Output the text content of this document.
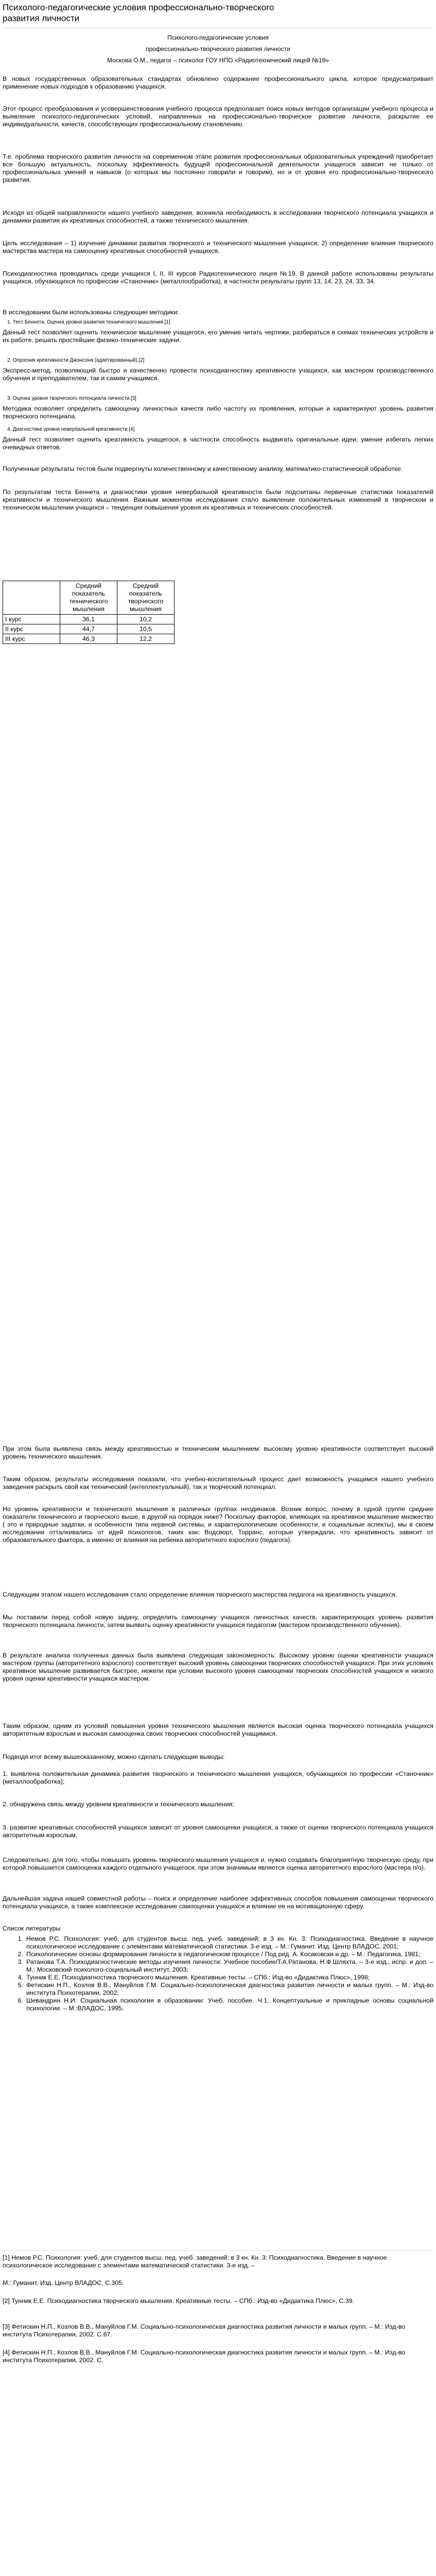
Психолого-педагогические условия профессионально-творческого развития личности
Психолого-педагогические условия
профессионально-творческого развития личности
Москова О.М., педагог – психолог ГОУ НПО «Радиотехнический лицей №19»

В новых государственных образовательных стандартах обновлено содержание профессионального цикла, которое предусматривает применение новых подходов к образованию учащихся.

Этот процесс преобразования и усовершенствования учебного процесса предполагает поиск новых методов организации учебного процесса и выявление психолого-педагогических условий, направленных на профессионально-творческое развитие личности, раскрытие ее индивидуальности, качеств, способствующих профессиональному становлению.

Т.е. проблема творческого развития личности на современном этапе развития профессиональных образовательных учреждений приобретает все большую актуальность, поскольку эффективность будущей профессиональной деятельности учащегося зависит не только от профессиональных умений и навыков (о которых мы постоянно говорили и говорим), но и от уровня его профессионально-творческого развития.

Исходя из общей направленности нашего учебного заведения, возникла необходимость в исследовании творческого потенциала учащихся и динамики развития их креативных способностей, а также технического мышления.

Цель исследования – 1) изучение динамики развития творческого и технического мышления учащихся; 2) определение влияния творческого мастерства мастера на самооценку креативных способностей учащихся.

Психодиагностика проводилась среди учащихся I, II, III курсов Радиотехнического лицея №19. В данной работе использованы результаты учащихся, обучающихся по профессии «Станочник» (металлообработка), в частности результаты групп 13, 14, 23, 24, 33, 34.

В исследовании были использованы следующие методики:

1. Тест Беннета. Оценка уровня развития технического мышления.[1]

Данный тест позволяет оценить техническое мышление учащегося, его умение читать чертежи, разбираться в схемах технических устройств и их работе, решать простейшие физико-технические задачи.

2. Опросник креативности Джонсона (адаптированный).[2]

Экспресс-метод, позволяющий быстро и качественно провести психодиагностику креативности учащихся, как мастером производственного обучения и преподавателем, так и самим учащимся.

3. Оценка уровня творческого потенциала личности.[3]

Методика позволяет определить самооценку личностных качеств либо частоту их проявления, которые и характеризуют уровень развития творческого потенциала.

4. Диагностика уровня невербальной креативности.[4]

Данный тест позволяет оценить креативность учащегося, в частности способность выдвигать оригинальные идеи, умение избегать легких очевидных ответов.

Полученные результаты тестов были подвергнуты количественному и качественному анализу, математико-статистической обработке.

По результатам теста Беннета и диагностики уровня невербальной креативности были подсчитаны первичные статистики показателей креативности и технического мышления. Важным моментом исследования стало выявление положительных изменений в творческом и техническом мышлении учащихся – тенденция повышения уровня их креативных и технических способностей.

	Средний показатель технического мышления	Средний показатель творческого мышления
I курс	36,1	10,2
II курс	44,7	10,5
III курс	46,3	12,2

При этом была выявлена связь между креативностью и техническим мышлением: высокому уровню креативности соответствует высокий уровень технического мышления.

Таким образом, результаты исследования показали, что учебно-воспитательный процесс дает возможность учащимся нашего учебного заведения раскрыть свой как технический (интеллектуальный), так и творческий потенциал.

Но уровень креативности и технического мышления в различных группах неодинаков. Возник вопрос, почему в одной группе средние показатели технического и творческого выше, в другой на порядок ниже? Поскольку факторов, влияющих на креативное мышление множество ( это и природные задатки, и особенности типа нервной системы, и характерологические особенности, и социальные аспекты), мы в своем исследовании отталкивались от идей психологов, таких как: Водсворт, Торранс, которые утверждали, что креативность зависит от образовательного фактора, а именно от влияния на ребенка авторитетного взрослого (педагога).

Следующим этапом нашего исследования стало определение влияния творческого мастерства педагога на креативность учащихся.

Мы поставили перед собой новую задачу, определить самооценку учащихся личностных качеств, характеризующих уровень развития творческого потенциала личности, затем выявить оценку креативности учащихся педагогом (мастером производственного обучения).

В результате анализа полученных данных была выявлена следующая закономерность: Высокому уровню оценки креативности учащихся мастером группы (авторитетного взрослого) соответствует высокий уровень самооценки творческих способностей учащихся. При этих условиях креативное мышление развивается быстрее, нежели при условии высокого уровня самооценки творческих способностей учащихся и низкого уровня оценки креативности учащихся мастером.

Таким образом, одним из условий повышения уровня технического мышления является высокая оценка творческого потенциала учащихся авторитетным взрослым и высокая самооценка своих творческих способностей учащимися.

Подводя итог всему вышесказанному, можно сделать следующие выводы:

1. выявлена положительная динамика развития творческого и технического мышления учащихся, обучающихся по профессии «Станочник» (металлообработка);

2. обнаружена связь между уровнем креативности и технического мышления;

3. развитие креативных способностей учащихся зависит от уровня самооценки учащихся, а также от оценки творческого потенциала учащихся авторитетным взрослым.

Следовательно, для того, чтобы повышать уровень творческого мышления учащихся и, нужно создавать благоприятную творческую среду, при которой повышается самооценка каждого отдельного учащегося, при этом значимым является оценка авторитетного взрослого (мастера п/о).

Дальнейшая задача нашей совместной работы – поиск и определение наиболее эффективных способов повышения самооценки творческого потенциала учащихся, а также комплексное исследование самооценки учащихся и влияние ее на мотивационную сферу.

Список литературы

1. Немов Р.С. Психология: учеб. для студентов высш. пед. учеб. заведений: в 3 кн. Кн. 3: Психодиагностика. Введение в научное психологическое исследование с элементами математической статистики. 3-е изд. – М.: Гуманит. Изд. Центр ВЛАДОС, 2001;
2. Психологические основы формирования личности в педагогическом процессе / Под ред. А. Косаковски и др. – М.: Педагогика, 1981;
3. Ратанова Т.А. Психодиагностические методы изучения личности: Учебное пособие/Т.А.Ратанова, Н.Ф.Шляхта. – 3-е изд., испр. и доп. – М.: Московский психолого-социальный институт, 2003;
4. Тунник Е.Е. Психодиагностика творческого мышления. Креативные тесты. – СПб.: Изд-во «Дидактика Плюс», 1998;
5. Фетискин Н.П., Козлов В.В., Мануйлов Г.М. Социально-психологическая диагностика развития личности и малых групп. – М.: Изд-во института Психотерапии, 2002;
6. Шевандрин Н.И. Социальная психология в образовании: Учеб. пособие. Ч.1. Концептуальные и прикладные основы социальной психологии. – М.:ВЛАДОС, 1995.

[1] Немов Р.С. Психология: учеб. для студентов высш. пед. учеб. заведений: в 3 кн. Кн. 3: Психодиагностика. Введение в научное психологическое исследование с элементами математической статистики. 3-е изд. –

М.: Гуманит. Изд. Центр ВЛАДОС, С.305.

[2] Тунник Е.Е. Психодиагностика творческого мышления. Креативные тесты. – СПб.: Изд-во «Дидактика Плюс», С.39.

[3] Фетискин Н.П., Козлов В.В., Мануйлов Г.М. Социально-психологическая диагностика развития личности и малых групп. – М.: Изд-во института Психотерапии, 2002. С.67.

[4] Фетискин Н.П., Козлов В.В., Мануйлов Г.М. Социально-психологическая диагностика развития личности и малых групп. – М.: Изд-во института Психотерапии, 2002. С.
